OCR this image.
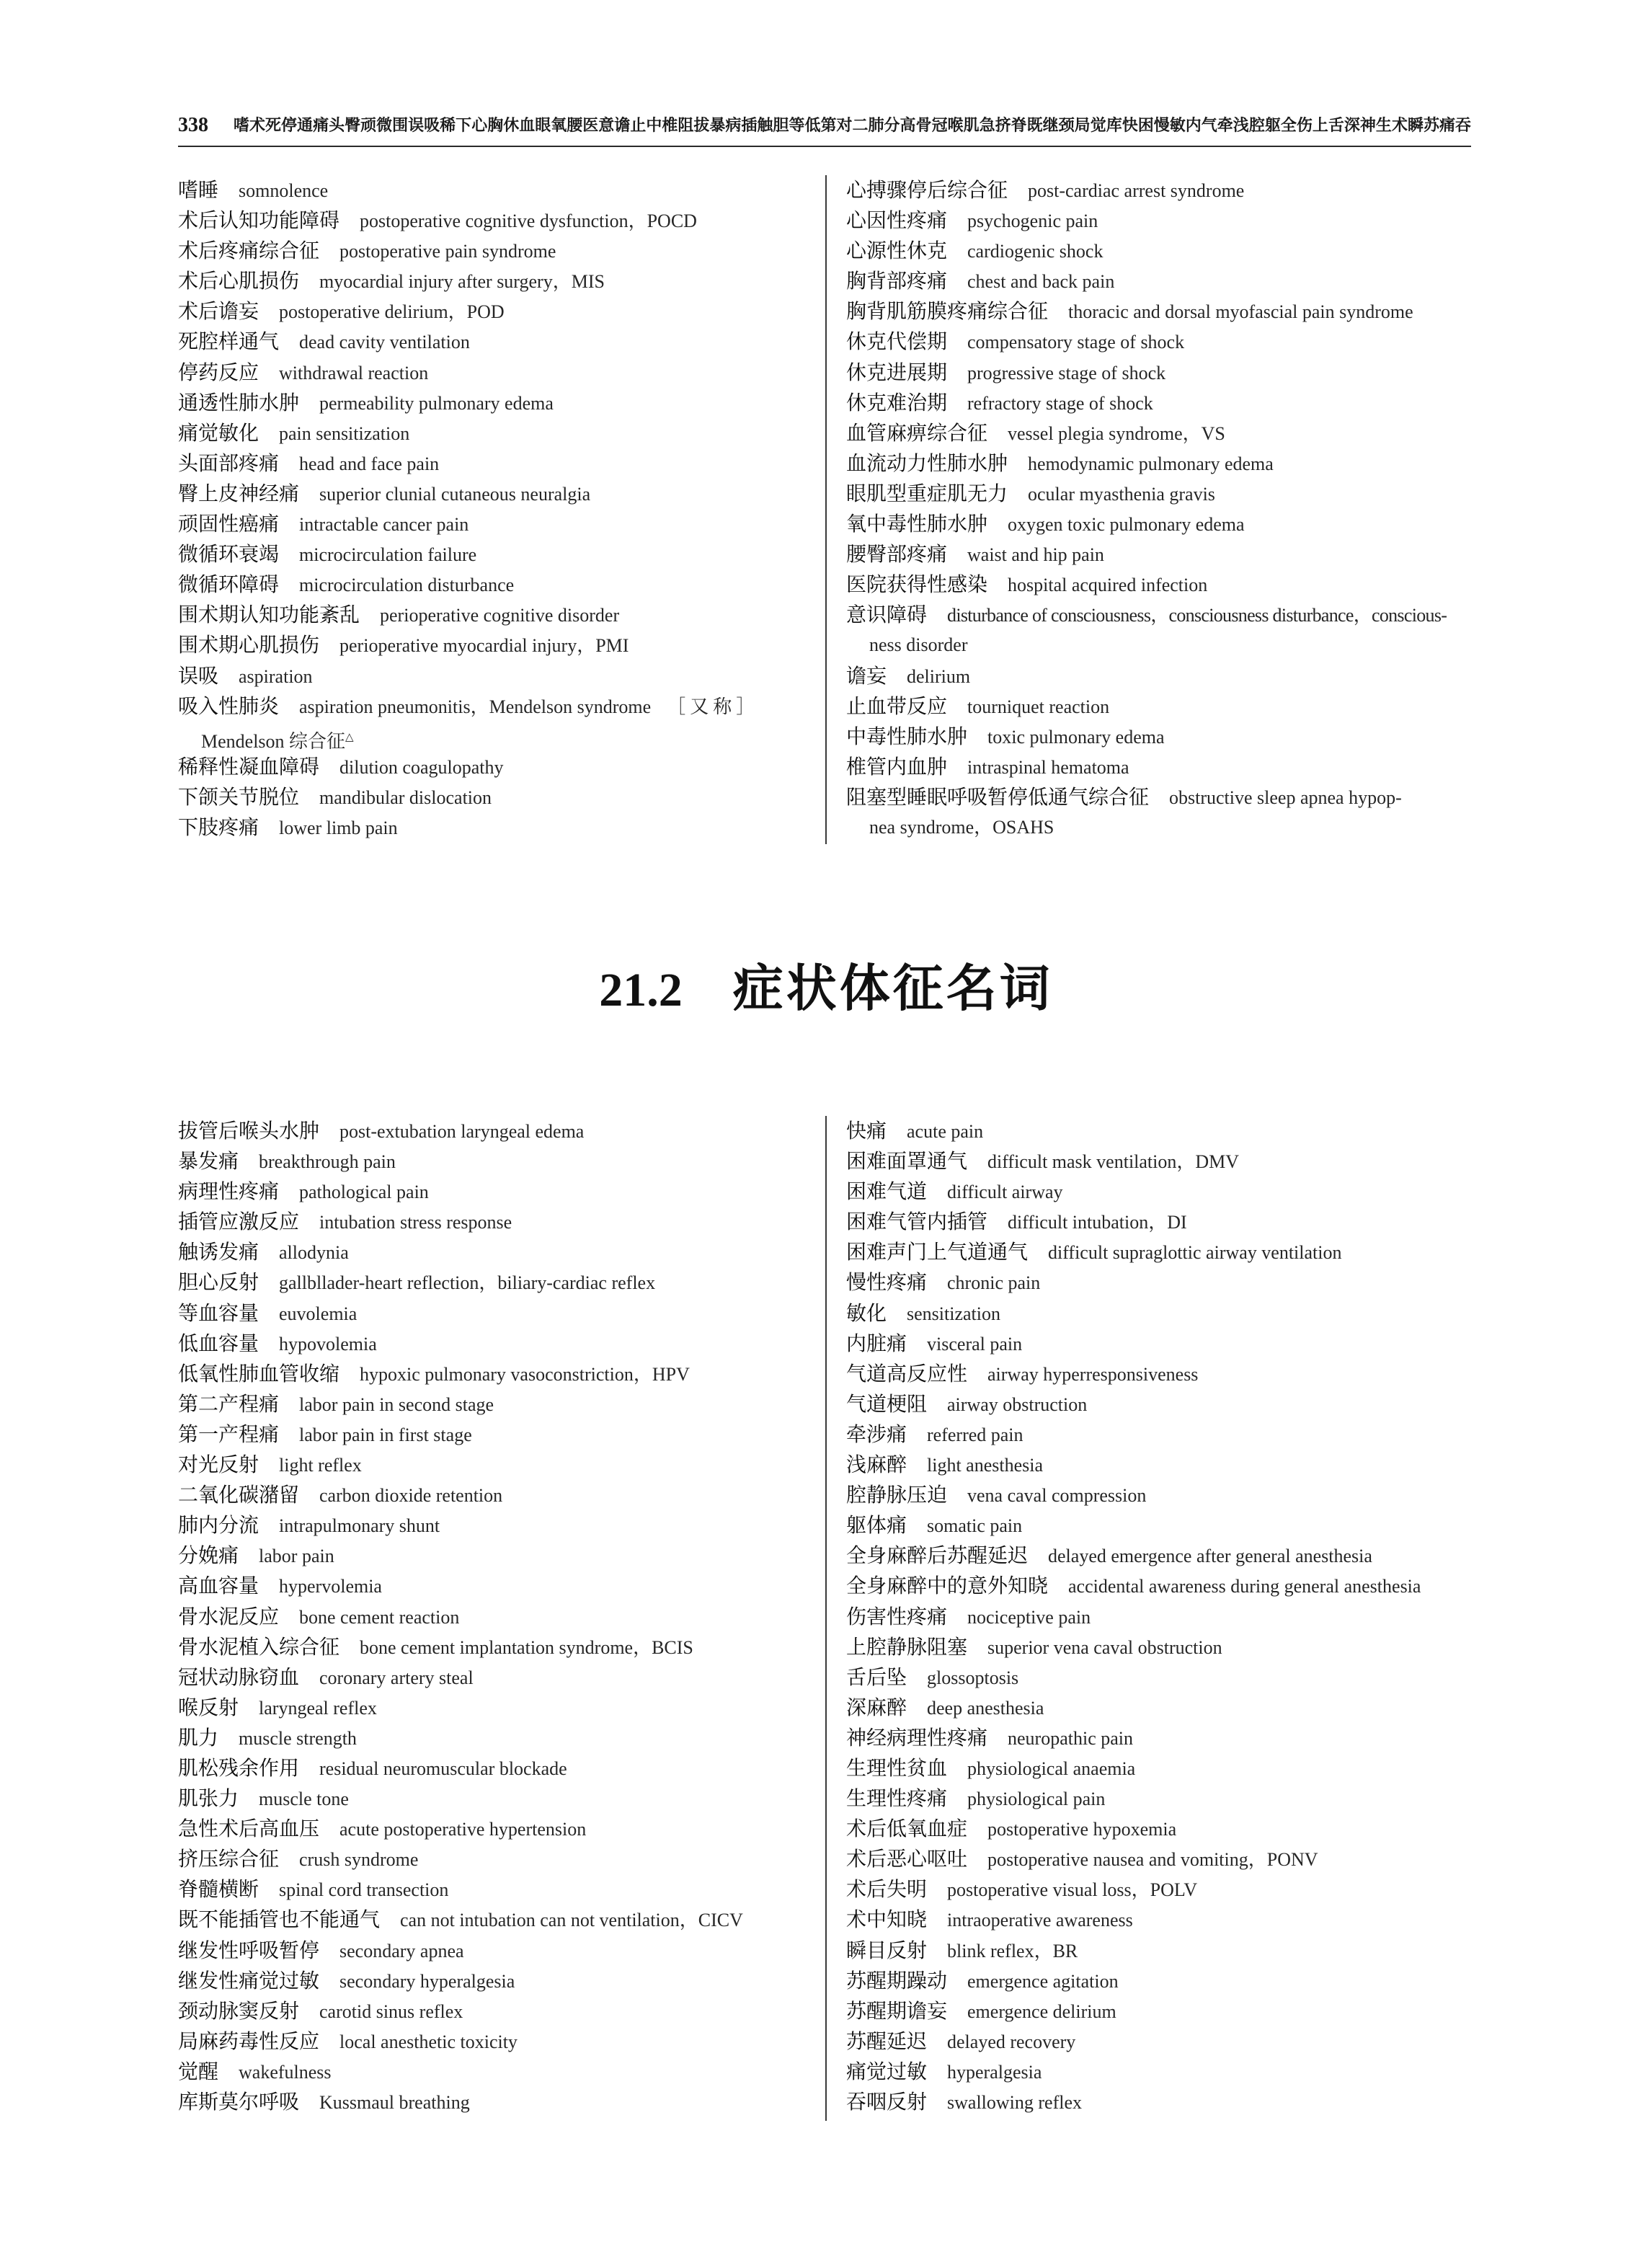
338 嗜术死停通痛头臀顽微围误吸稀下心胸休血眼氧腰医意谵止中椎阻拔暴病插触胆等低第对二肺分高骨冠喉肌急挤脊既继颈局觉库快困慢敏内气牵浅腔躯全伤上舌深神生术瞬苏痛吞
嗜睡 somnolence
术后认知功能障碍 postoperative cognitive dysfunction，POCD
术后疼痛综合征 postoperative pain syndrome
术后心肌损伤 myocardial injury after surgery，MIS
术后谵妄 postoperative delirium，POD
死腔样通气 dead cavity ventilation
停药反应 withdrawal reaction
通透性肺水肿 permeability pulmonary edema
痛觉敏化 pain sensitization
头面部疼痛 head and face pain
臀上皮神经痛 superior clunial cutaneous neuralgia
顽固性癌痛 intractable cancer pain
微循环衰竭 microcirculation failure
微循环障碍 microcirculation disturbance
围术期认知功能紊乱 perioperative cognitive disorder
围术期心肌损伤 perioperative myocardial injury，PMI
误吸 aspiration
吸入性肺炎 aspiration pneumonitis，Mendelson syndrome ［又称］
Mendelson 综合征△
稀释性凝血障碍 dilution coagulopathy
下颌关节脱位 mandibular dislocation
下肢疼痛 lower limb pain
心搏骤停后综合征 post-cardiac arrest syndrome
心因性疼痛 psychogenic pain
心源性休克 cardiogenic shock
胸背部疼痛 chest and back pain
胸背肌筋膜疼痛综合征 thoracic and dorsal myofascial pain syndrome
休克代偿期 compensatory stage of shock
休克进展期 progressive stage of shock
休克难治期 refractory stage of shock
血管麻痹综合征 vessel plegia syndrome，VS
血流动力性肺水肿 hemodynamic pulmonary edema
眼肌型重症肌无力 ocular myasthenia gravis
氧中毒性肺水肿 oxygen toxic pulmonary edema
腰臀部疼痛 waist and hip pain
医院获得性感染 hospital acquired infection
意识障碍 disturbance of consciousness，consciousness disturbance，conscious-
ness disorder
谵妄 delirium
止血带反应 tourniquet reaction
中毒性肺水肿 toxic pulmonary edema
椎管内血肿 intraspinal hematoma
阻塞型睡眠呼吸暂停低通气综合征 obstructive sleep apnea hypop-
nea syndrome，OSAHS
21.2 症状体征名词
拔管后喉头水肿 post-extubation laryngeal edema
暴发痛 breakthrough pain
病理性疼痛 pathological pain
插管应激反应 intubation stress response
触诱发痛 allodynia
胆心反射 gallbllader-heart reflection，biliary-cardiac reflex
等血容量 euvolemia
低血容量 hypovolemia
低氧性肺血管收缩 hypoxic pulmonary vasoconstriction，HPV
第二产程痛 labor pain in second stage
第一产程痛 labor pain in first stage
对光反射 light reflex
二氧化碳潴留 carbon dioxide retention
肺内分流 intrapulmonary shunt
分娩痛 labor pain
高血容量 hypervolemia
骨水泥反应 bone cement reaction
骨水泥植入综合征 bone cement implantation syndrome，BCIS
冠状动脉窃血 coronary artery steal
喉反射 laryngeal reflex
肌力 muscle strength
肌松残余作用 residual neuromuscular blockade
肌张力 muscle tone
急性术后高血压 acute postoperative hypertension
挤压综合征 crush syndrome
脊髓横断 spinal cord transection
既不能插管也不能通气 can not intubation can not ventilation，CICV
继发性呼吸暂停 secondary apnea
继发性痛觉过敏 secondary hyperalgesia
颈动脉窦反射 carotid sinus reflex
局麻药毒性反应 local anesthetic toxicity
觉醒 wakefulness
库斯莫尔呼吸 Kussmaul breathing
快痛 acute pain
困难面罩通气 difficult mask ventilation，DMV
困难气道 difficult airway
困难气管内插管 difficult intubation，DI
困难声门上气道通气 difficult supraglottic airway ventilation
慢性疼痛 chronic pain
敏化 sensitization
内脏痛 visceral pain
气道高反应性 airway hyperresponsiveness
气道梗阻 airway obstruction
牵涉痛 referred pain
浅麻醉 light anesthesia
腔静脉压迫 vena caval compression
躯体痛 somatic pain
全身麻醉后苏醒延迟 delayed emergence after general anesthesia
全身麻醉中的意外知晓 accidental awareness during general anesthesia
伤害性疼痛 nociceptive pain
上腔静脉阻塞 superior vena caval obstruction
舌后坠 glossoptosis
深麻醉 deep anesthesia
神经病理性疼痛 neuropathic pain
生理性贫血 physiological anaemia
生理性疼痛 physiological pain
术后低氧血症 postoperative hypoxemia
术后恶心呕吐 postoperative nausea and vomiting，PONV
术后失明 postoperative visual loss，POLV
术中知晓 intraoperative awareness
瞬目反射 blink reflex，BR
苏醒期躁动 emergence agitation
苏醒期谵妄 emergence delirium
苏醒延迟 delayed recovery
痛觉过敏 hyperalgesia
吞咽反射 swallowing reflex
